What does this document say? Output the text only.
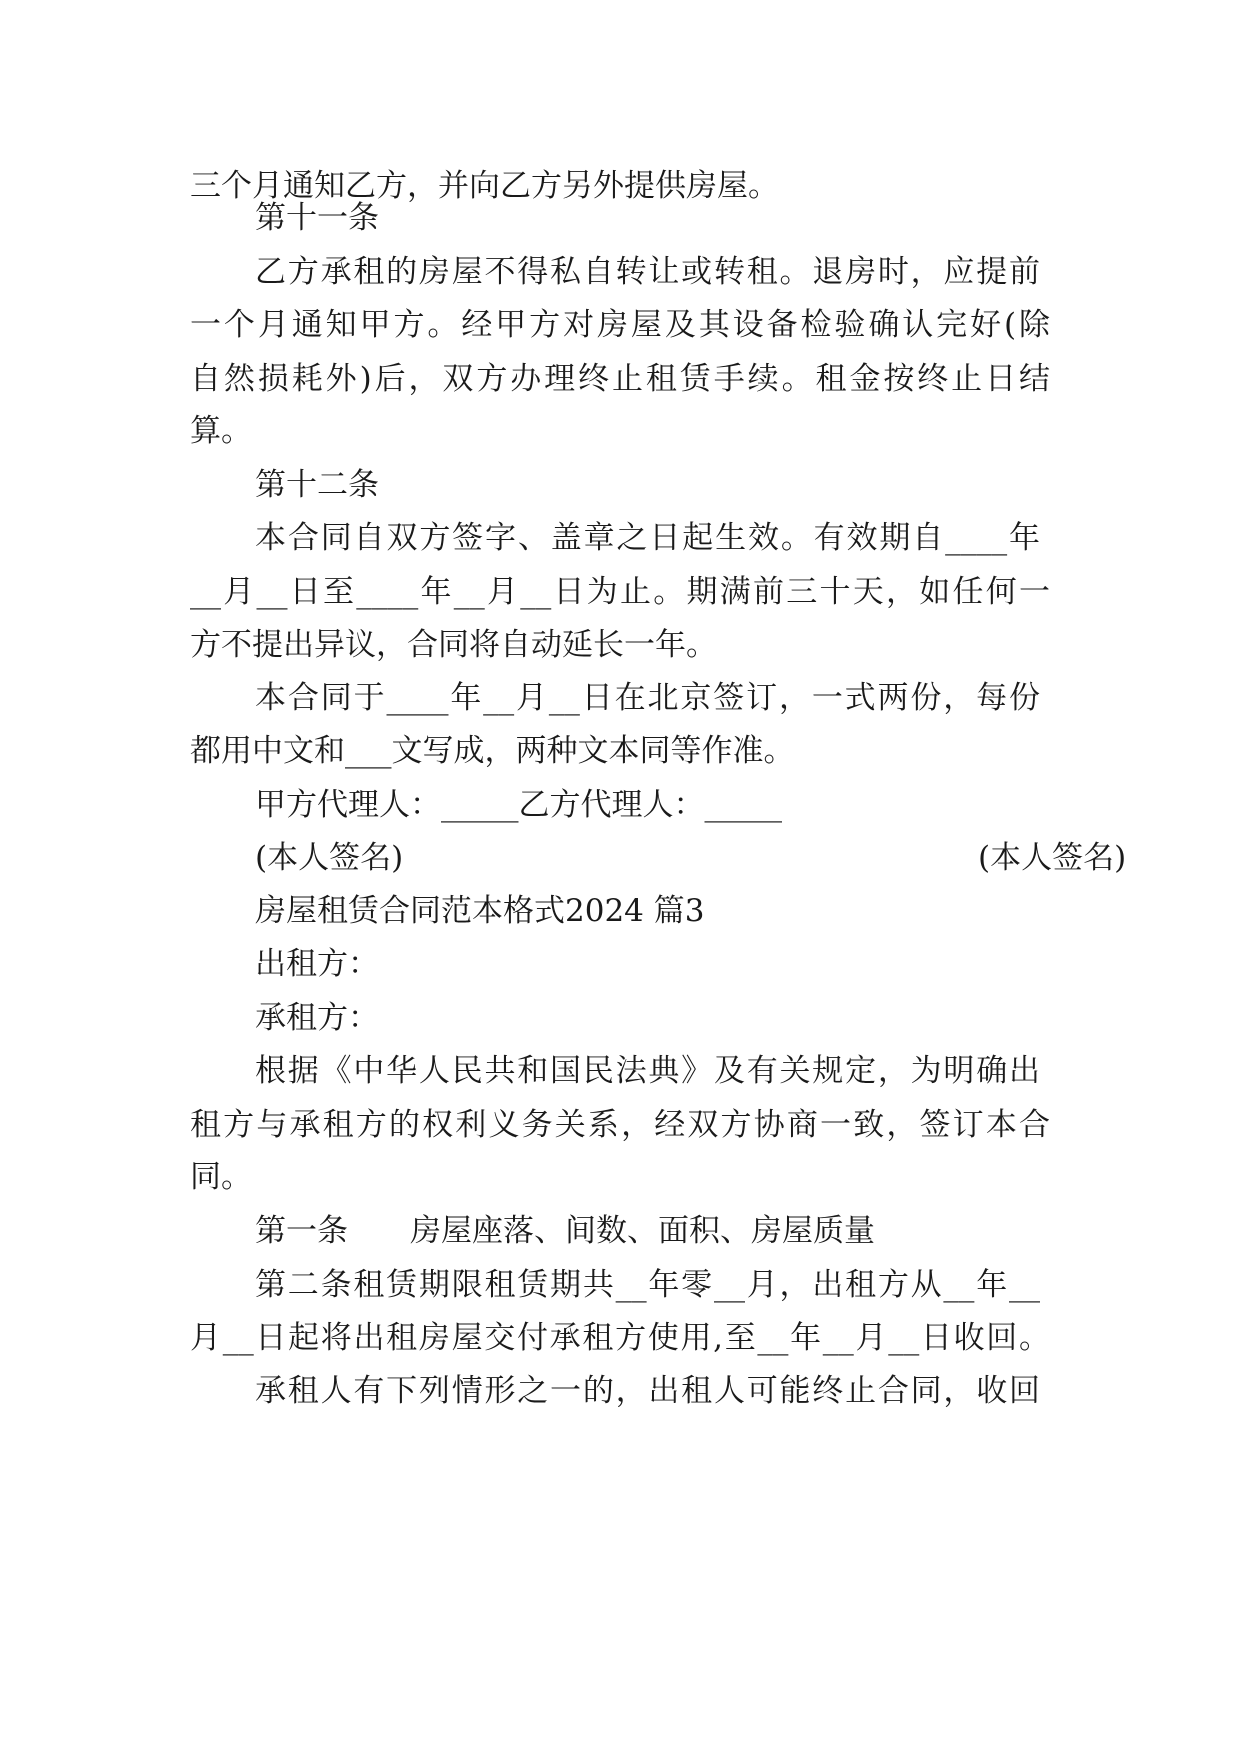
三个月通知乙方，并向乙方另外提供房屋。
第十一条
乙方承租的房屋不得私自转让或转租。退房时，应提前
一个月通知甲方。经甲方对房屋及其设备检验确认完好(除
自然损耗外)后，双方办理终止租赁手续。租金按终止日结
算。
第十二条
本合同自双方签字、盖章之日起生效。有效期自____年
__月__日至____年__月__日为止。期满前三十天，如任何一
方不提出异议，合同将自动延长一年。
本合同于____年__月__日在北京签订，一式两份，每份
都用中文和___文写成，两种文本同等作准。
甲方代理人：_____乙方代理人：_____
(本人签名)	(本人签名)
房屋租赁合同范本格式2024 篇3
出租方：
承租方：
根据《中华人民共和国民法典》及有关规定，为明确出
租方与承租方的权利义务关系，经双方协商一致，签订本合
同。
第一条　　房屋座落、间数、面积、房屋质量
第二条租赁期限租赁期共__年零__月，出租方从__年__
月__日起将出租房屋交付承租方使用,至__年__月__日收回。
承租人有下列情形之一的，出租人可能终止合同，收回
